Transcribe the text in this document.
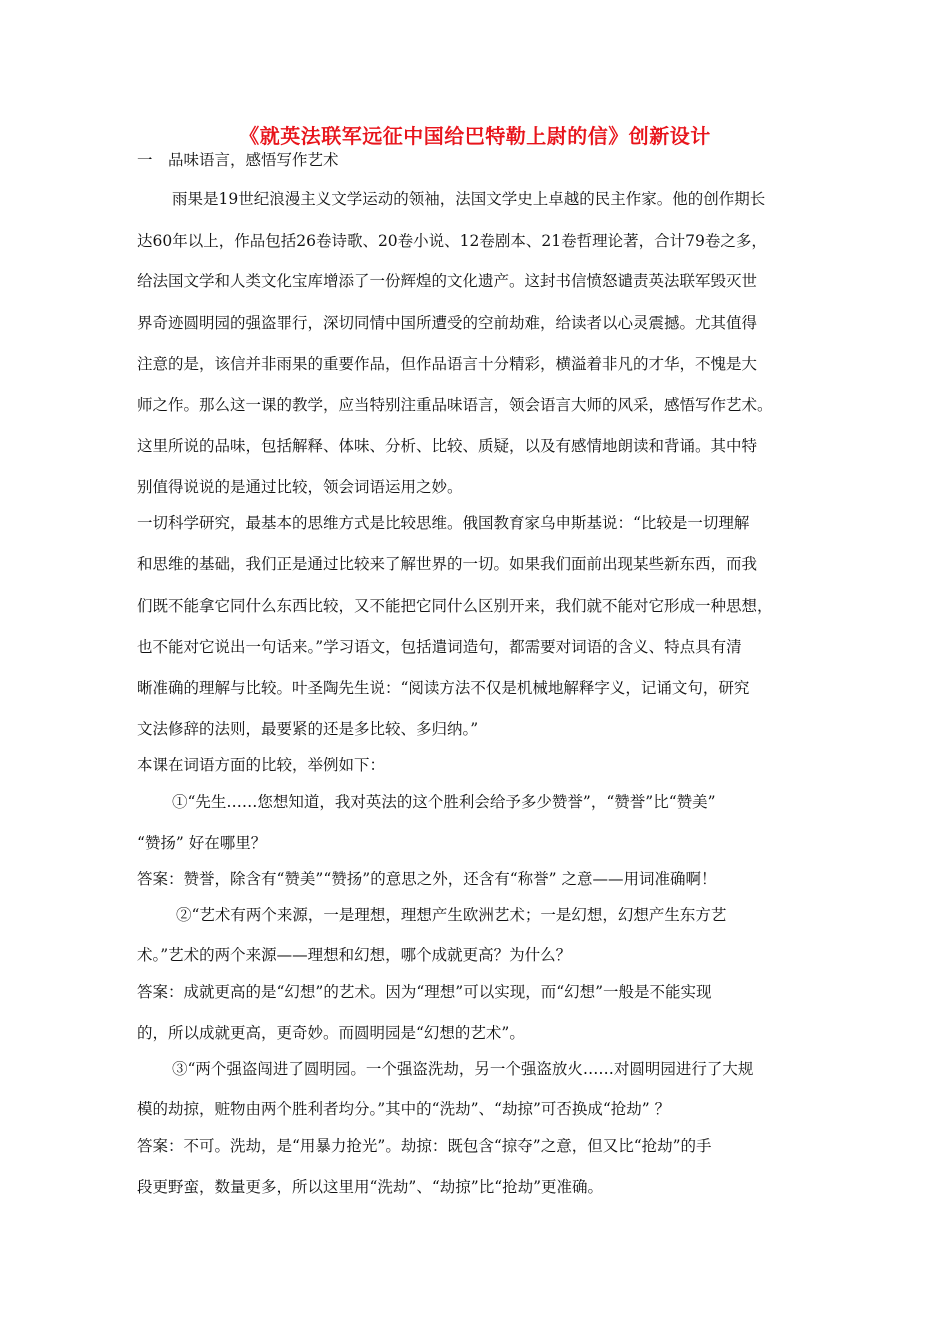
《就英法联军远征中国给巴特勒上尉的信》创新设计
一　品味语言，感悟写作艺术
雨果是19世纪浪漫主义文学运动的领袖，法国文学史上卓越的民主作家。他的创作期长
达60年以上，作品包括26卷诗歌、20卷小说、12卷剧本、21卷哲理论著，合计79卷之多，
给法国文学和人类文化宝库增添了一份辉煌的文化遗产。这封书信愤怒谴责英法联军毁灭世
界奇迹圆明园的强盗罪行，深切同情中国所遭受的空前劫难，给读者以心灵震撼。尤其值得
注意的是，该信并非雨果的重要作品，但作品语言十分精彩，横溢着非凡的才华，不愧是大
师之作。那么这一课的教学，应当特别注重品味语言，领会语言大师的风采，感悟写作艺术。
这里所说的品味，包括解释、体味、分析、比较、质疑，以及有感情地朗读和背诵。其中特
别值得说说的是通过比较，领会词语运用之妙。
一切科学研究，最基本的思维方式是比较思维。俄国教育家乌申斯基说：“比较是一切理解
和思维的基础，我们正是通过比较来了解世界的一切。如果我们面前出现某些新东西，而我
们既不能拿它同什么东西比较，又不能把它同什么区别开来，我们就不能对它形成一种思想，
也不能对它说出一句话来。”学习语文，包括遣词造句，都需要对词语的含义、特点具有清
晰准确的理解与比较。叶圣陶先生说：“阅读方法不仅是机械地解释字义，记诵文句，研究
文法修辞的法则，最要紧的还是多比较、多归纳。”
本课在词语方面的比较，举例如下：
①“先生……您想知道，我对英法的这个胜利会给予多少赞誉”，“赞誉”比“赞美”
“赞扬” 好在哪里？
答案：赞誉，除含有“赞美”“赞扬”的意思之外，还含有“称誉” 之意——用词准确啊！
②“艺术有两个来源，一是理想，理想产生欧洲艺术；一是幻想，幻想产生东方艺
术。”艺术的两个来源——理想和幻想，哪个成就更高？为什么？
答案：成就更高的是“幻想”的艺术。因为“理想”可以实现，而“幻想”一般是不能实现
的，所以成就更高，更奇妙。而圆明园是“幻想的艺术”。
③“两个强盗闯进了圆明园。一个强盗洗劫，另一个强盗放火……对圆明园进行了大规
模的劫掠，赃物由两个胜利者均分。”其中的“洗劫”、“劫掠”可否换成“抢劫” ？
答案：不可。洗劫，是“用暴力抢光”。劫掠：既包含“掠夺”之意，但又比“抢劫”的手
段更野蛮，数量更多，所以这里用“洗劫”、“劫掠”比“抢劫”更准确。
